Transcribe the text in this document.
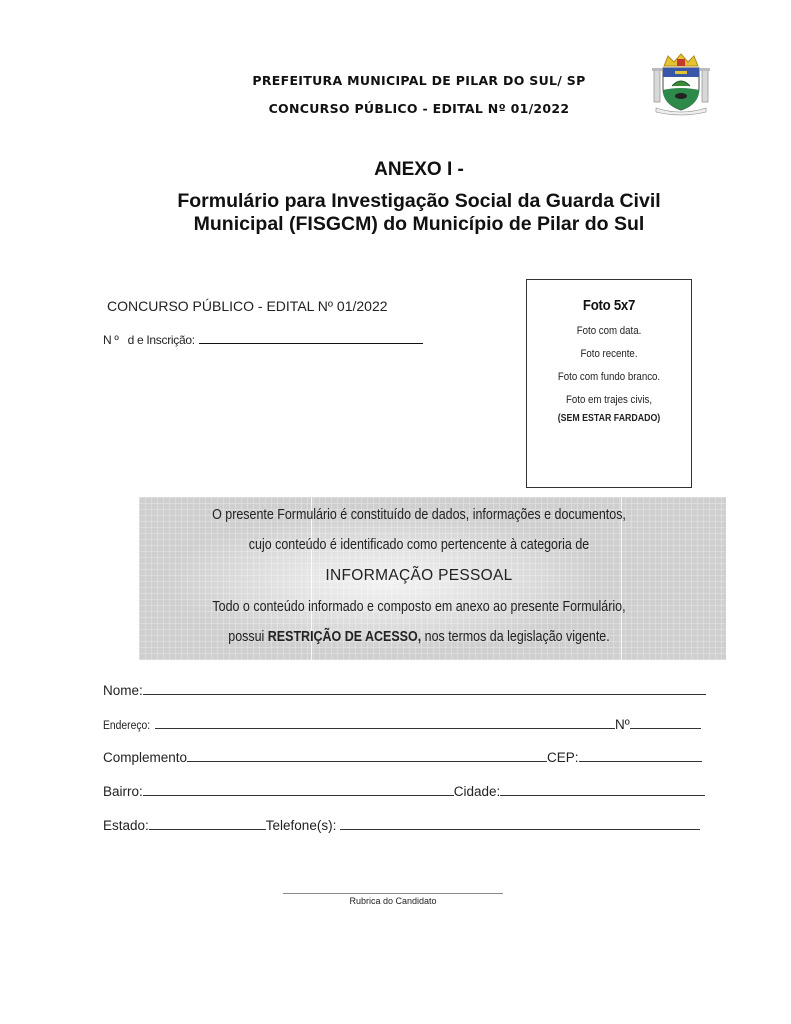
PREFEITURA MUNICIPAL DE PILAR DO SUL/ SP
CONCURSO PÚBLICO - EDITAL Nº 01/2022
ANEXO I -
Formulário para Investigação Social da Guarda Civil
Municipal (FISGCM) do Município de Pilar do Sul
CONCURSO PÚBLICO - EDITAL Nº 01/2022
N º   d e Inscrição:
Foto 5x7
Foto com data.
Foto recente.
Foto com fundo branco.
Foto em trajes civis,
(SEM ESTAR FARDADO)
O presente Formulário é constituído de dados, informações e documentos,
cujo conteúdo é identificado como pertencente à categoria de
INFORMAÇÃO PESSOAL
Todo o conteúdo informado e composto em anexo ao presente Formulário,
possui RESTRIÇÃO DE ACESSO, nos termos da legislação vigente.
Nome:
Endereço:	Nº
Complemento	CEP:
Bairro:	Cidade:
Estado:	Telefone(s):
Rubrica do Candidato
